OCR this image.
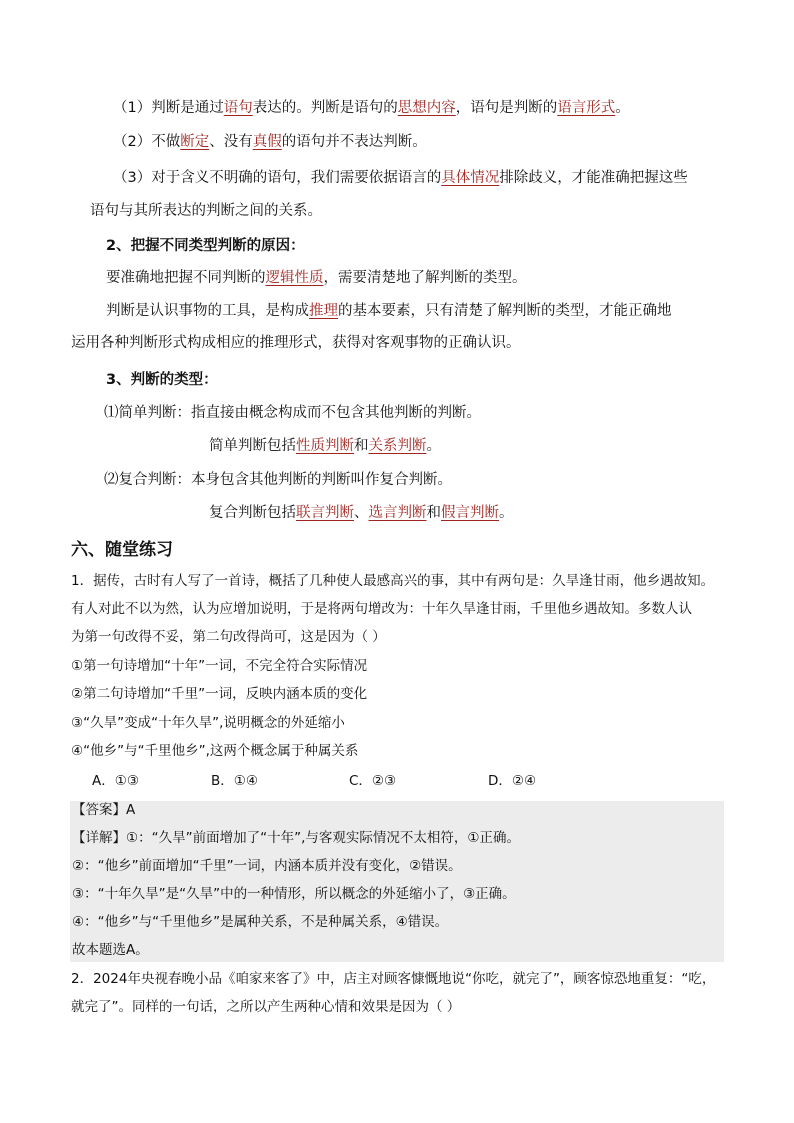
（1）判断是通过语句表达的。判断是语句的思想内容，语句是判断的语言形式。
（2）不做断定、没有真假的语句并不表达判断。
（3）对于含义不明确的语句，我们需要依据语言的具体情况排除歧义，才能准确把握这些
语句与其所表达的判断之间的关系。
2、把握不同类型判断的原因：
要准确地把握不同判断的逻辑性质，需要清楚地了解判断的类型。
判断是认识事物的工具，是构成推理的基本要素，只有清楚了解判断的类型，才能正确地
运用各种判断形式构成相应的推理形式，获得对客观事物的正确认识。
3、判断的类型：
⑴简单判断：指直接由概念构成而不包含其他判断的判断。
简单判断包括性质判断和关系判断。
⑵复合判断：本身包含其他判断的判断叫作复合判断。
复合判断包括联言判断、选言判断和假言判断。
六、随堂练习
1．据传，古时有人写了一首诗，概括了几种使人最感高兴的事，其中有两句是：久旱逢甘雨，他乡遇故知。
有人对此不以为然，认为应增加说明，于是将两句增改为：十年久旱逢甘雨，千里他乡遇故知。多数人认
为第一句改得不妥，第二句改得尚可，这是因为（ ）
①第一句诗增加“十年”一词，不完全符合实际情况
②第二句诗增加“千里”一词，反映内涵本质的变化
③“久旱”变成“十年久旱”,说明概念的外延缩小
④“他乡”与“千里他乡”,这两个概念属于种属关系
A．①③	B．①④	C．②③	D．②④
【答案】A
【详解】①：“久旱”前面增加了“十年”,与客观实际情况不太相符，①正确。
②：“他乡”前面增加“千里”一词，内涵本质并没有变化，②错误。
③：“十年久旱”是“久旱”中的一种情形，所以概念的外延缩小了，③正确。
④：“他乡”与“千里他乡”是属种关系，不是种属关系，④错误。
故本题选A。
2．2024年央视春晚小品《咱家来客了》中，店主对顾客慷慨地说“你吃，就完了”，顾客惊恐地重复：“吃，
就完了”。同样的一句话，之所以产生两种心情和效果是因为（ ）
